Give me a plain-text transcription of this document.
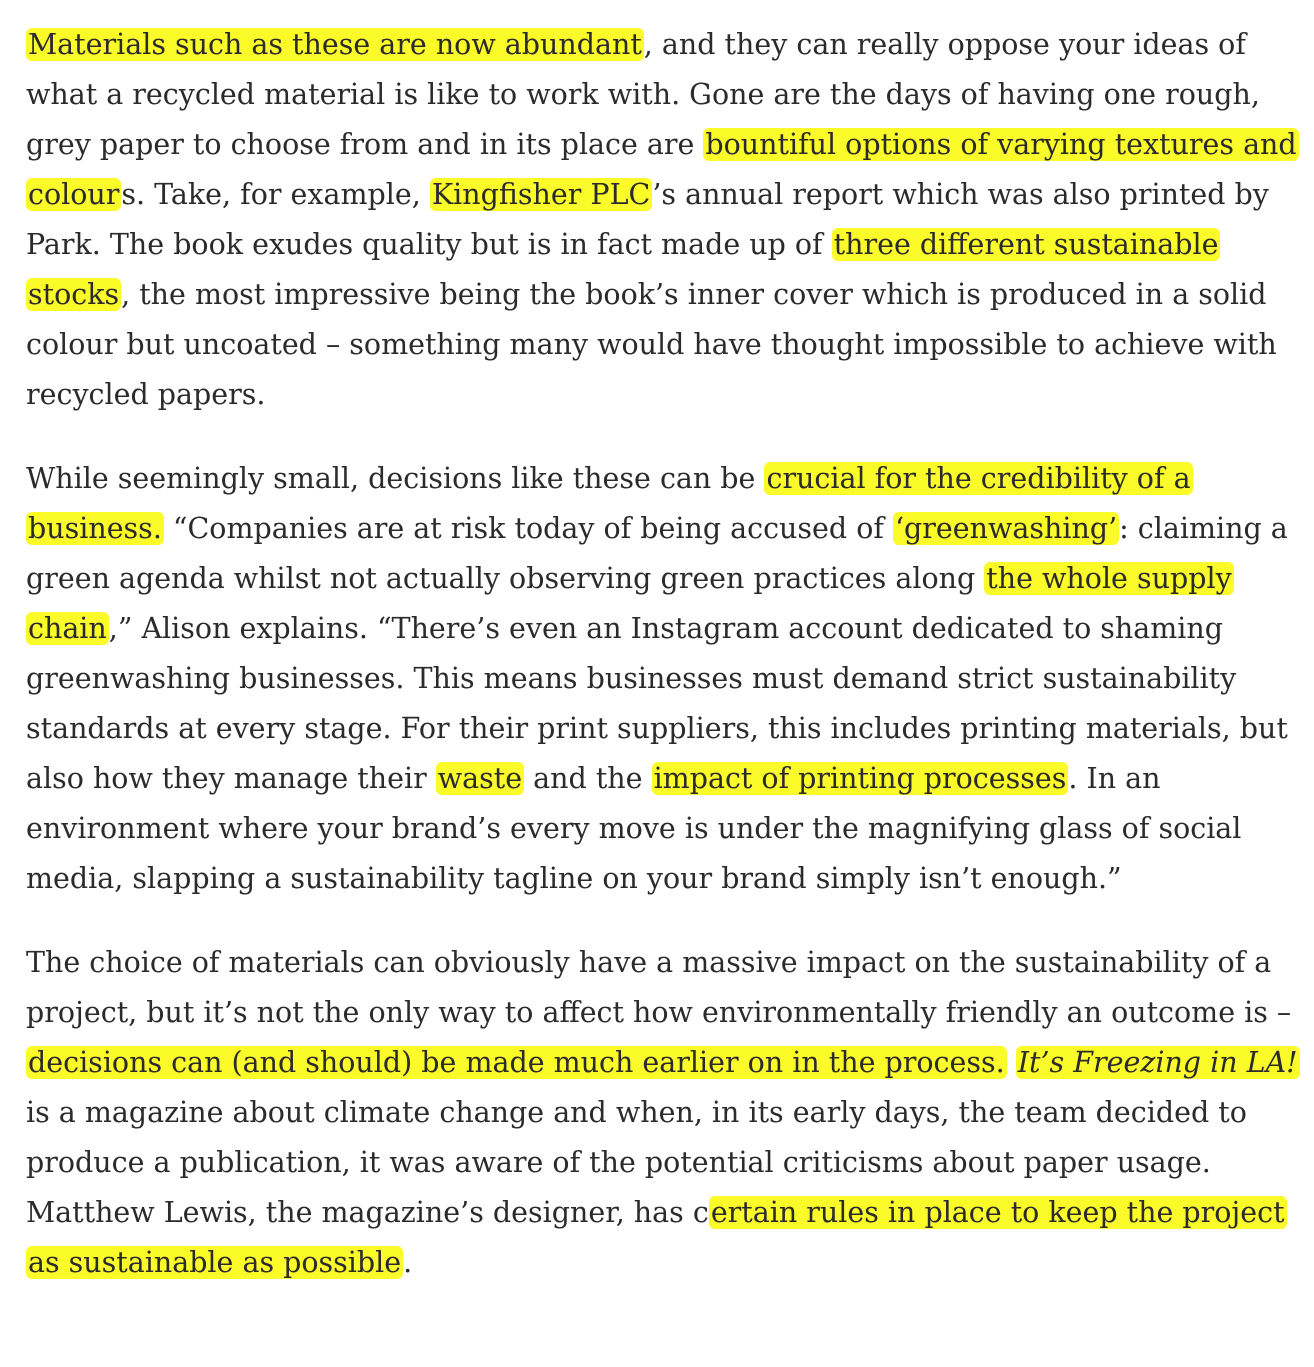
Materials such as these are now abundant, and they can really oppose your ideas of what a recycled material is like to work with. Gone are the days of having one rough, grey paper to choose from and in its place are bountiful options of varying textures and colours. Take, for example, Kingfisher PLC’s annual report which was also printed by Park. The book exudes quality but is in fact made up of three different sustainable stocks, the most impressive being the book’s inner cover which is produced in a solid colour but uncoated – something many would have thought impossible to achieve with recycled papers.

While seemingly small, decisions like these can be crucial for the credibility of a business. “Companies are at risk today of being accused of ‘greenwashing’: claiming a green agenda whilst not actually observing green practices along the whole supply chain,” Alison explains. “There’s even an Instagram account dedicated to shaming greenwashing businesses. This means businesses must demand strict sustainability standards at every stage. For their print suppliers, this includes printing materials, but also how they manage their waste and the impact of printing processes. In an environment where your brand’s every move is under the magnifying glass of social media, slapping a sustainability tagline on your brand simply isn’t enough.”

The choice of materials can obviously have a massive impact on the sustainability of a project, but it’s not the only way to affect how environmentally friendly an outcome is – decisions can (and should) be made much earlier on in the process. It’s Freezing in LA! is a magazine about climate change and when, in its early days, the team decided to produce a publication, it was aware of the potential criticisms about paper usage. Matthew Lewis, the magazine’s designer, has certain rules in place to keep the project as sustainable as possible.
